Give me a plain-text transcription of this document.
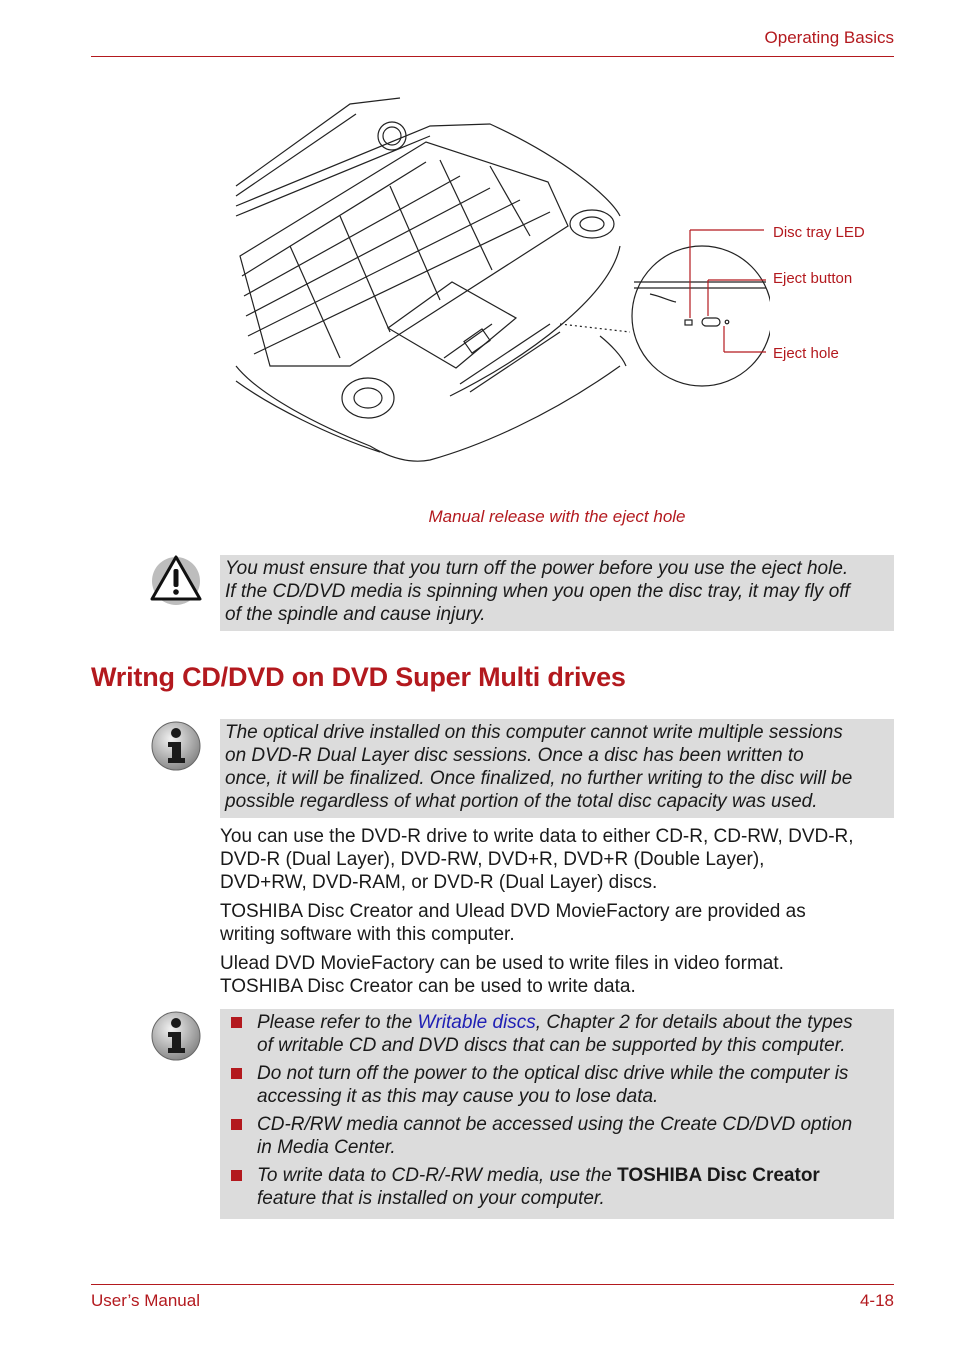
Operating Basics
Disc tray LED
Eject button
Eject hole
Manual release with the eject hole
You must ensure that you turn off the power before you use the eject hole.
If the CD/DVD media is spinning when you open the disc tray, it may fly off
of the spindle and cause injury.
Writng CD/DVD on DVD Super Multi drives
The optical drive installed on this computer cannot write multiple sessions
on DVD-R Dual Layer disc sessions. Once a disc has been written to
once, it will be finalized. Once finalized, no further writing to the disc will be
possible regardless of what portion of the total disc capacity was used.
You can use the DVD-R drive to write data to either CD-R, CD-RW, DVD-R,
DVD-R (Dual Layer), DVD-RW, DVD+R, DVD+R (Double Layer),
DVD+RW, DVD-RAM, or DVD-R (Dual Layer) discs.
TOSHIBA Disc Creator and Ulead DVD MovieFactory are provided as
writing software with this computer.
Ulead DVD MovieFactory can be used to write files in video format.
TOSHIBA Disc Creator can be used to write data.
Please refer to the Writable discs, Chapter 2 for details about the types
of writable CD and DVD discs that can be supported by this computer.
Do not turn off the power to the optical disc drive while the computer is
accessing it as this may cause you to lose data.
CD-R/RW media cannot be accessed using the Create CD/DVD option
in Media Center.
To write data to CD-R/-RW media, use the TOSHIBA Disc Creator
feature that is installed on your computer.
User’s Manual	4-18
